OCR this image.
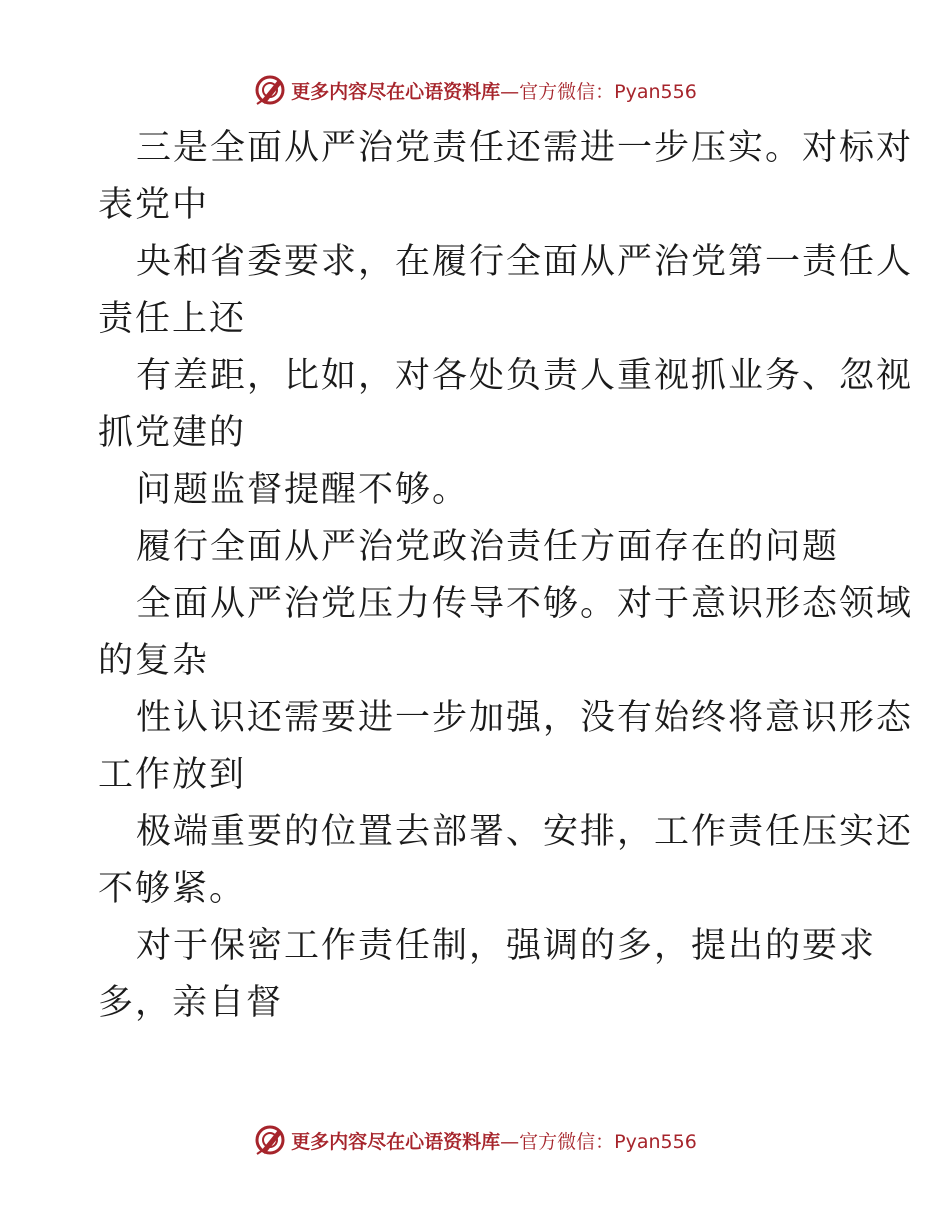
更多内容尽在心语资料库 —官方微信：Pyan556
三是全面从严治党责任还需进一步压实。对标对
表党中
央和省委要求，在履行全面从严治党第一责任人
责任上还
有差距，比如，对各处负责人重视抓业务、忽视
抓党建的
问题监督提醒不够。
履行全面从严治党政治责任方面存在的问题
全面从严治党压力传导不够。对于意识形态领域
的复杂
性认识还需要进一步加强，没有始终将意识形态
工作放到
极端重要的位置去部署、安排，工作责任压实还
不够紧。
对于保密工作责任制，强调的多，提出的要求
多，亲自督
更多内容尽在心语资料库 —官方微信：Pyan556
